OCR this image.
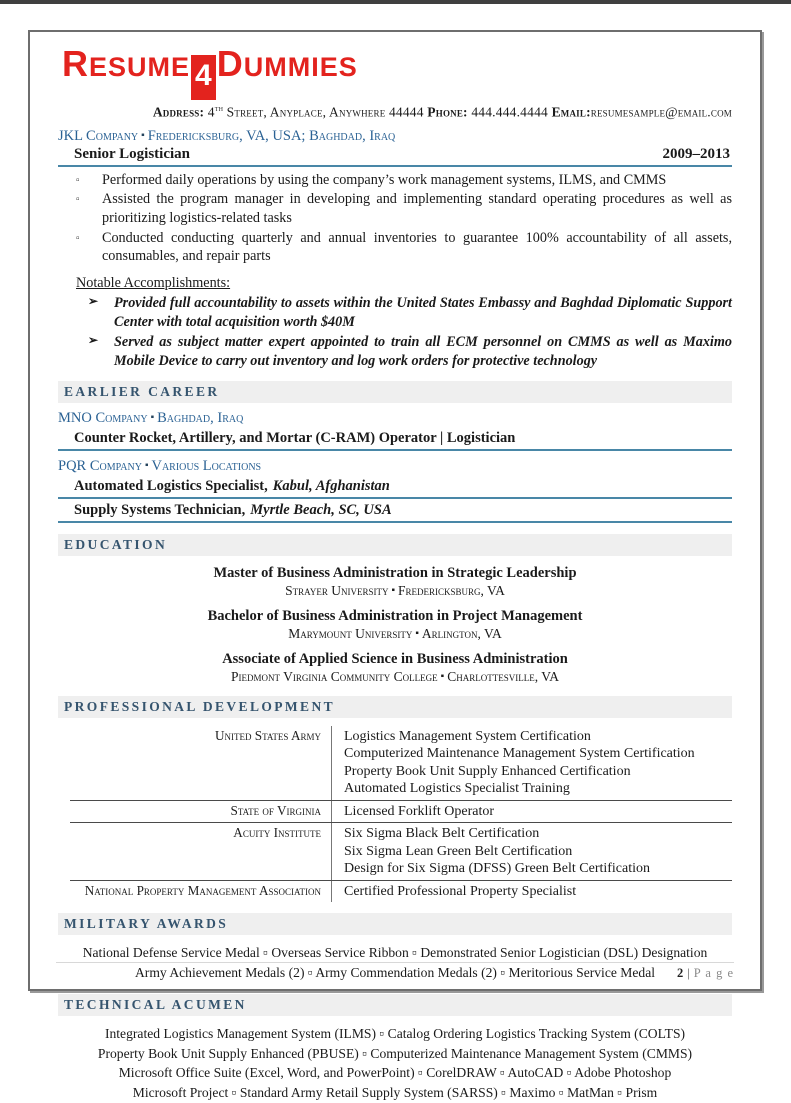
RESUME 4 DUMMIES
Address: 4th Street, Anyplace, Anywhere 44444 Phone: 444.444.4444 Email:resumesample@email.com
JKL Company ▪ Fredericksburg, VA, USA; Baghdad, Iraq
Senior Logistician	2009–2013
▫	Performed daily operations by using the company’s work management systems, ILMS, and CMMS
▫	Assisted the program manager in developing and implementing standard operating procedures as well as prioritizing logistics-related tasks
▫	Conducted conducting quarterly and annual inventories to guarantee 100% accountability of all assets, consumables, and repair parts
Notable Accomplishments:
➢	Provided full accountability to assets within the United States Embassy and Baghdad Diplomatic Support Center with total acquisition worth $40M
➢	Served as subject matter expert appointed to train all ECM personnel on CMMS as well as Maximo Mobile Device to carry out inventory and log work orders for protective technology
EARLIER CAREER
MNO Company ▪ Baghdad, Iraq
Counter Rocket, Artillery, and Mortar (C-RAM) Operator | Logistician
PQR Company ▪ Various Locations
Automated Logistics Specialist, Kabul, Afghanistan
Supply Systems Technician, Myrtle Beach, SC, USA
EDUCATION
Master of Business Administration in Strategic Leadership
Strayer University ▪ Fredericksburg, VA
Bachelor of Business Administration in Project Management
Marymount University ▪ Arlington, VA
Associate of Applied Science in Business Administration
Piedmont Virginia Community College ▪ Charlottesville, VA
PROFESSIONAL DEVELOPMENT
United States Army	Logistics Management System Certification
Computerized Maintenance Management System Certification
Property Book Unit Supply Enhanced Certification
Automated Logistics Specialist Training
State of Virginia	Licensed Forklift Operator
Acuity Institute	Six Sigma Black Belt Certification
Six Sigma Lean Green Belt Certification
Design for Six Sigma (DFSS) Green Belt Certification
National Property Management Association	Certified Professional Property Specialist
MILITARY AWARDS
National Defense Service Medal ▫ Overseas Service Ribbon ▫ Demonstrated Senior Logistician (DSL) Designation
Army Achievement Medals (2) ▫ Army Commendation Medals (2) ▫ Meritorious Service Medal
TECHNICAL ACUMEN
Integrated Logistics Management System (ILMS) ▫ Catalog Ordering Logistics Tracking System (COLTS)
Property Book Unit Supply Enhanced (PBUSE) ▫ Computerized Maintenance Management System (CMMS)
Microsoft Office Suite (Excel, Word, and PowerPoint) ▫ CorelDRAW ▫ AutoCAD ▫ Adobe Photoshop
Microsoft Project ▫ Standard Army Retail Supply System (SARSS) ▫ Maximo ▫ MatMan ▫ Prism
2 | P a g e
